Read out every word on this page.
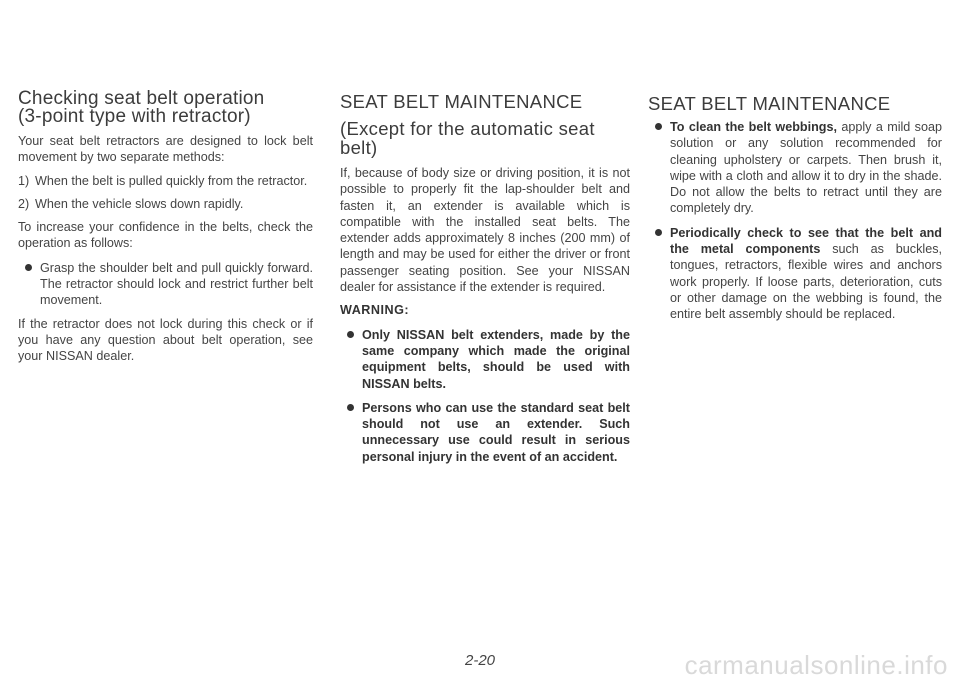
Checking seat belt operation
(3-point type with retractor)

Your seat belt retractors are designed to lock belt movement by two separate methods:

1) When the belt is pulled quickly from the retractor.
2) When the vehicle slows down rapidly.

To increase your confidence in the belts, check the operation as follows:

Grasp the shoulder belt and pull quickly forward. The retractor should lock and restrict further belt movement.

If the retractor does not lock during this check or if you have any question about belt operation, see your NISSAN dealer.

SEAT BELT MAINTENANCE
(Except for the automatic seat belt)

If, because of body size or driving position, it is not possible to properly fit the lap-shoulder belt and fasten it, an extender is available which is compatible with the installed seat belts. The extender adds approximately 8 inches (200 mm) of length and may be used for either the driver or front passenger seating position. See your NISSAN dealer for assistance if the extender is required.

WARNING:
Only NISSAN belt extenders, made by the same company which made the original equipment belts, should be used with NISSAN belts.
Persons who can use the standard seat belt should not use an extender. Such unnecessary use could result in serious personal injury in the event of an accident.
SEAT BELT MAINTENANCE
To clean the belt webbings, apply a mild soap solution or any solution recommended for cleaning upholstery or carpets. Then brush it, wipe with a cloth and allow it to dry in the shade. Do not allow the belts to retract until they are completely dry.
Periodically check to see that the belt and the metal components such as buckles, tongues, retractors, flexible wires and anchors work properly. If loose parts, deterioration, cuts or other damage on the webbing is found, the entire belt assembly should be replaced.
2-20	carmanualsonline.info
